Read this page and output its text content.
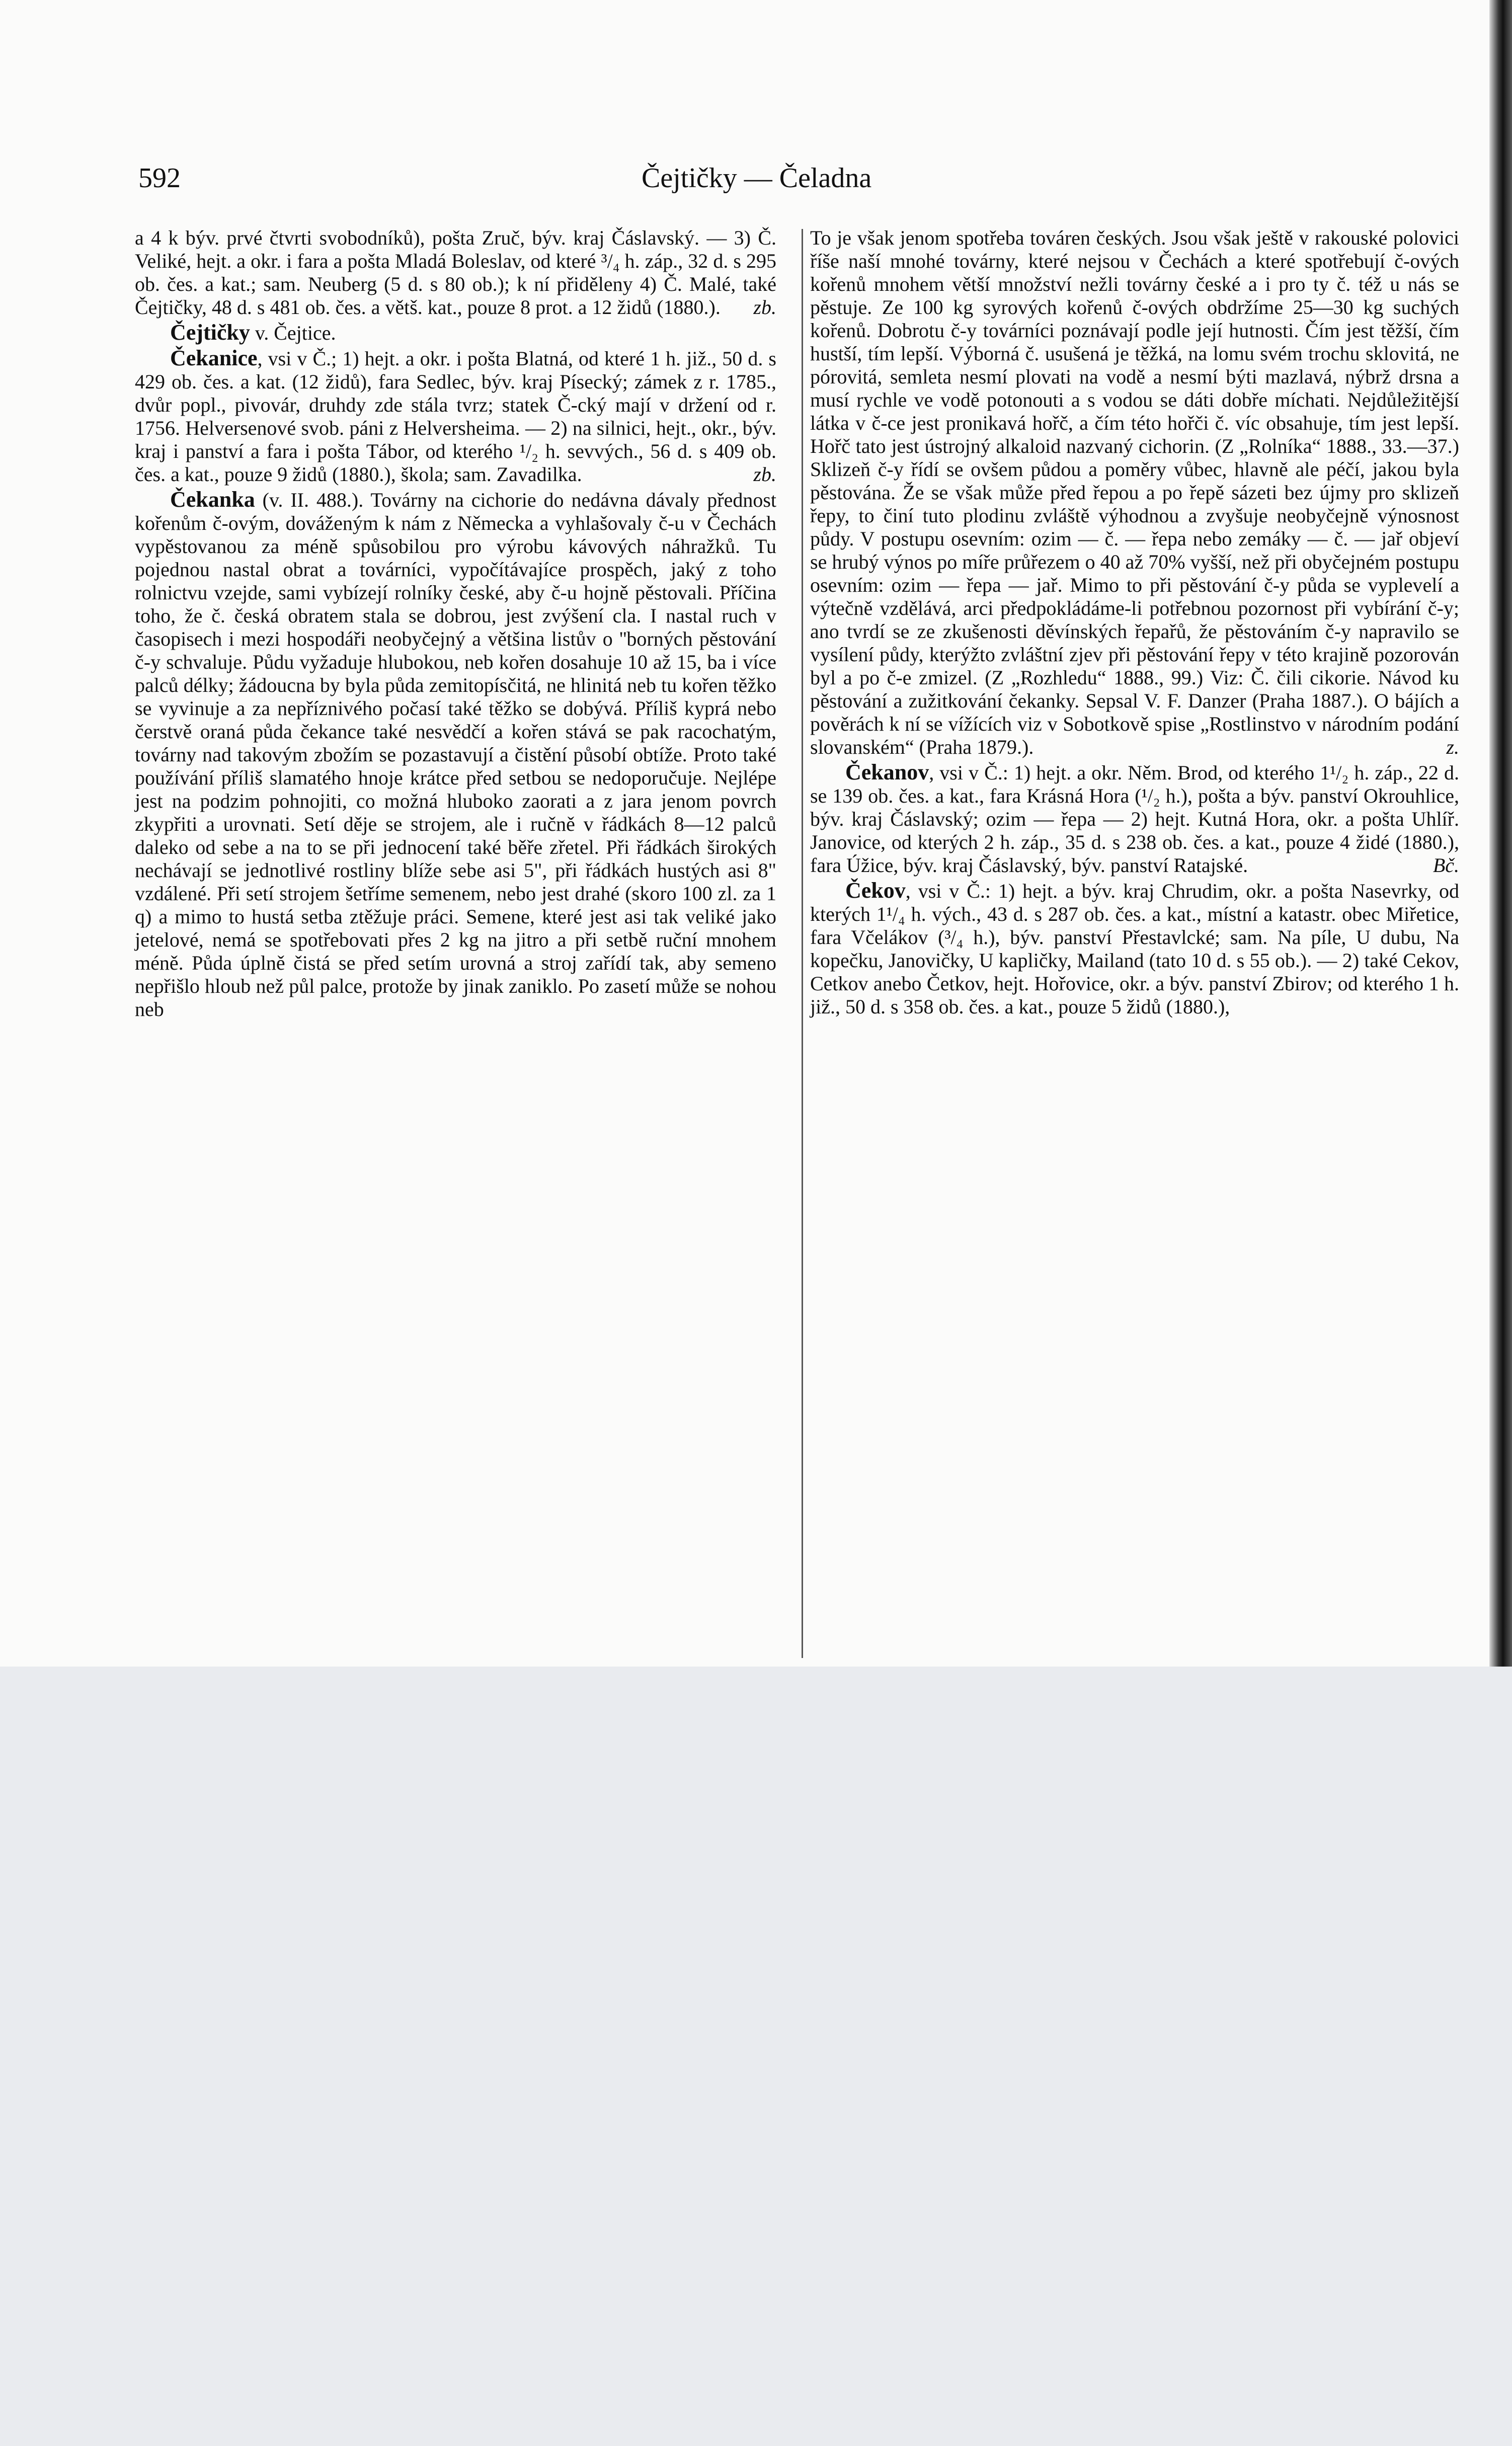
592	Čejtičky — Čeladna

a 4 k býv. prvé čtvrti svobodníků), pošta Zruč, býv. kraj Čáslavský. — 3) Č. Veliké, hejt. a okr. i fara a pošta Mladá Boleslav, od které ³/₄ h. záp., 32 d. s 295 ob. čes. a kat.; sam. Neuberg (5 d. s 80 ob.); k ní přiděleny 4) Č. Malé, také Čejtičky, 48 d. s 481 ob. čes. a větš. kat., pouze 8 prot. a 12 židů (1880.). zb.

Čejtičky v. Čejtice.

Čekanice, vsi v Č.; 1) hejt. a okr. i pošta Blatná, od které 1 h. již., 50 d. s 429 ob. čes. a kat. (12 židů), fara Sedlec, býv. kraj Písecký; zámek z r. 1785., dvůr popl., pivovár, druhdy zde stála tvrz; statek Č-cký mají v držení od r. 1756. Helversenové svob. páni z Helversheima. — 2) na silnici, hejt., okr., býv. kraj i panství a fara i pošta Tábor, od kterého ¹/₂ h. sevvých., 56 d. s 409 ob. čes. a kat., pouze 9 židů (1880.), škola; sam. Zavadilka.	zb.

Čekanka (v. II. 488.). Továrny na cichorie do nedávna dávaly přednost kořenům č-ovým, dováženým k nám z Německa a vyhlašovaly č-u v Čechách vypěstovanou za méně spůsobilou pro výrobu kávových náhražků. Tu pojednou nastal obrat a továrníci, vypočítávajíce prospěch, jaký z toho rolnictvu vzejde, sami vybízejí rolníky české, aby č-u hojně pěstovali. Příčina toho, že č. česká obratem stala se dobrou, jest zvýšení cla. I nastal ruch v časopisech i mezi hospodáři neobyčejný a většina listův o ''borných pěstování č-y schvaluje. Půdu vyžaduje hlubokou, neb kořen dosahuje 10 až 15, ba i více palců délky; žádoucna by byla půda zemitopísčitá, ne hlinitá neb tu kořen těžko se vyvinuje a za nepříznivého počasí také těžko se dobývá. Příliš kyprá nebo čerstvě oraná půda čekance také nesvědčí a kořen stává se pak racochatým, továrny nad takovým zbožím se pozastavují a čistění působí obtíže. Proto také používání příliš slamatého hnoje krátce před setbou se nedoporučuje. Nejlépe jest na podzim pohnojiti, co možná hluboko zaorati a z jara jenom povrch zkypřiti a urovnati. Setí děje se strojem, ale i ručně v řádkách 8—12 palců daleko od sebe a na to se při jednocení také běře zřetel. Při řádkách širokých nechávají se jednotlivé rostliny blíže sebe asi 5", při řádkách hustých asi 8" vzdálené. Při setí strojem šetříme semenem, nebo jest drahé (skoro 100 zl. za 1 q) a mimo to hustá setba ztěžuje práci. Semene, které jest asi tak veliké jako jetelové, nemá se spotřebovati přes 2 kg na jitro a při setbě ruční mnohem méně. Půda úplně čistá se před setím urovná a stroj zařídí tak, aby semeno nepřišlo hloub než půl palce, protože by jinak zaniklo. Po zasetí může se nohou neb

To je však jenom spotřeba továren českých. Jsou však ještě v rakouské polovici říše naší mnohé továrny, které nejsou v Čechách a které spotřebují č-ových kořenů mnohem větší množství nežli továrny české a i pro ty č. též u nás se pěstuje. Ze 100 kg syrových kořenů č-ových obdržíme 25—30 kg suchých kořenů. Dobrotu č-y továrníci poznávají podle její hutnosti. Čím jest těžší, čím hustší, tím lepší. Výborná č. usušená je těžká, na lomu svém trochu sklovitá, ne pórovitá, semleta nesmí plovati na vodě a nesmí býti mazlavá, nýbrž drsna a musí rychle ve vodě potonouti a s vodou se dáti dobře míchati. Nejdůležitější látka v č-ce jest pronikavá hořč, a čím této hořči č. víc obsahuje, tím jest lepší. Hořč tato jest ústrojný alkaloid nazvaný cichorin. (Z „Rolníka“ 1888., 33.—37.) Sklizeň č-y řídí se ovšem půdou a poměry vůbec, hlavně ale péčí, jakou byla pěstována. Že se však může před řepou a po řepě sázeti bez újmy pro sklizeň řepy, to činí tuto plodinu zvláště výhodnou a zvyšuje neobyčejně výnosnost půdy. V postupu osevním: ozim — č. — řepa nebo zemáky — č. — jař objeví se hrubý výnos po míře průřezem o 40 až 70% vyšší, než při obyčejném postupu osevním: ozim — řepa — jař. Mimo to při pěstování č-y půda se vyplevelí a výtečně vzdělává, arci předpokládáme-li potřebnou pozornost při vybírání č-y; ano tvrdí se ze zkušenosti děvínských řepařů, že pěstováním č-y napravilo se vysílení půdy, kterýžto zvláštní zjev při pěstování řepy v této krajině pozorován byl a po č-e zmizel. (Z „Rozhledu“ 1888., 99.) Viz: Č. čili cikorie. Návod ku pěstování a zužitkování čekanky. Sepsal V. F. Danzer (Praha 1887.). O bájích a pověrách k ní se vížících viz v Sobotkově spise „Rostlinstvo v národním podání slovanském“ (Praha 1879.).	z.

Čekanov, vsi v Č.: 1) hejt. a okr. Něm. Brod, od kterého 1¹/₂ h. záp., 22 d. se 139 ob. čes. a kat., fara Krásná Hora (¹/₂ h.), pošta a býv. panství Okrouhlice, býv. kraj Čáslavský; ozim — řepa — 2) hejt. Kutná Hora, okr. a pošta Uhlíř. Janovice, od kterých 2 h. záp., 35 d. s 238 ob. čes. a kat., pouze 4 židé (1880.), fara Úžice, býv. kraj Čáslavský, býv. panství Ratajské.	Bč.

Čekov, vsi v Č.: 1) hejt. a býv. kraj Chrudim, okr. a pošta Nasevrky, od kterých 1¹/₄ h. vých., 43 d. s 287 ob. čes. a kat., místní a katastr. obec Miřetice, fara Včelákov (³/₄ h.), býv. panství Přestavlcké; sam. Na píle, U dubu, Na kopečku, Janovičky, U kapličky, Mailand (tato 10 d. s 55 ob.). — 2) také Cekov, Cetkov anebo Četkov, hejt. Hořovice, okr. a býv. panství Zbirov; od kterého 1 h. již., 50 d. s 358 ob. čes. a kat., pouze 5 židů (1880.),
